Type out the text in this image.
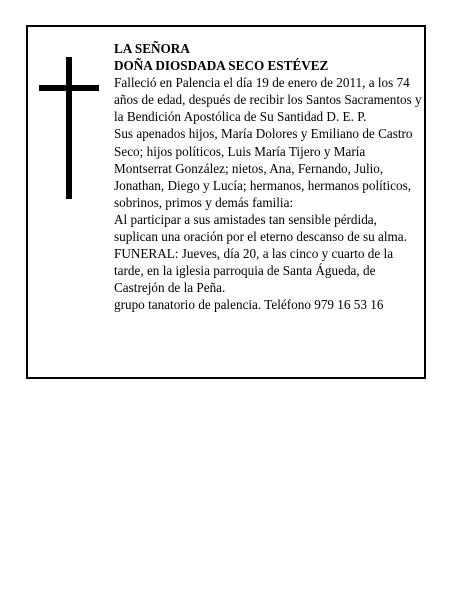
LA SEÑORA

DOÑA DIOSDADA SECO ESTÉVEZ

Falleció en Palencia el día 19 de enero de 2011, a los 74 años de edad, después de recibir los Santos Sacramentos y la Bendición Apostólica de Su Santidad D. E. P.

Sus apenados hijos, María Dolores y Emiliano de Castro Seco; hijos políticos, Luis María Tijero y María Montserrat González; nietos, Ana, Fernando, Julio, Jonathan, Diego y Lucía; hermanos, hermanos políticos, sobrinos, primos y demás familia:

Al participar a sus amistades tan sensible pérdida, suplican una oración por el eterno descanso de su alma.

FUNERAL: Jueves, día 20, a las cinco y cuarto de la tarde, en la iglesia parroquia de Santa Águeda, de Castrejón de la Peña.

grupo tanatorio de palencia. Teléfono 979 16 53 16
